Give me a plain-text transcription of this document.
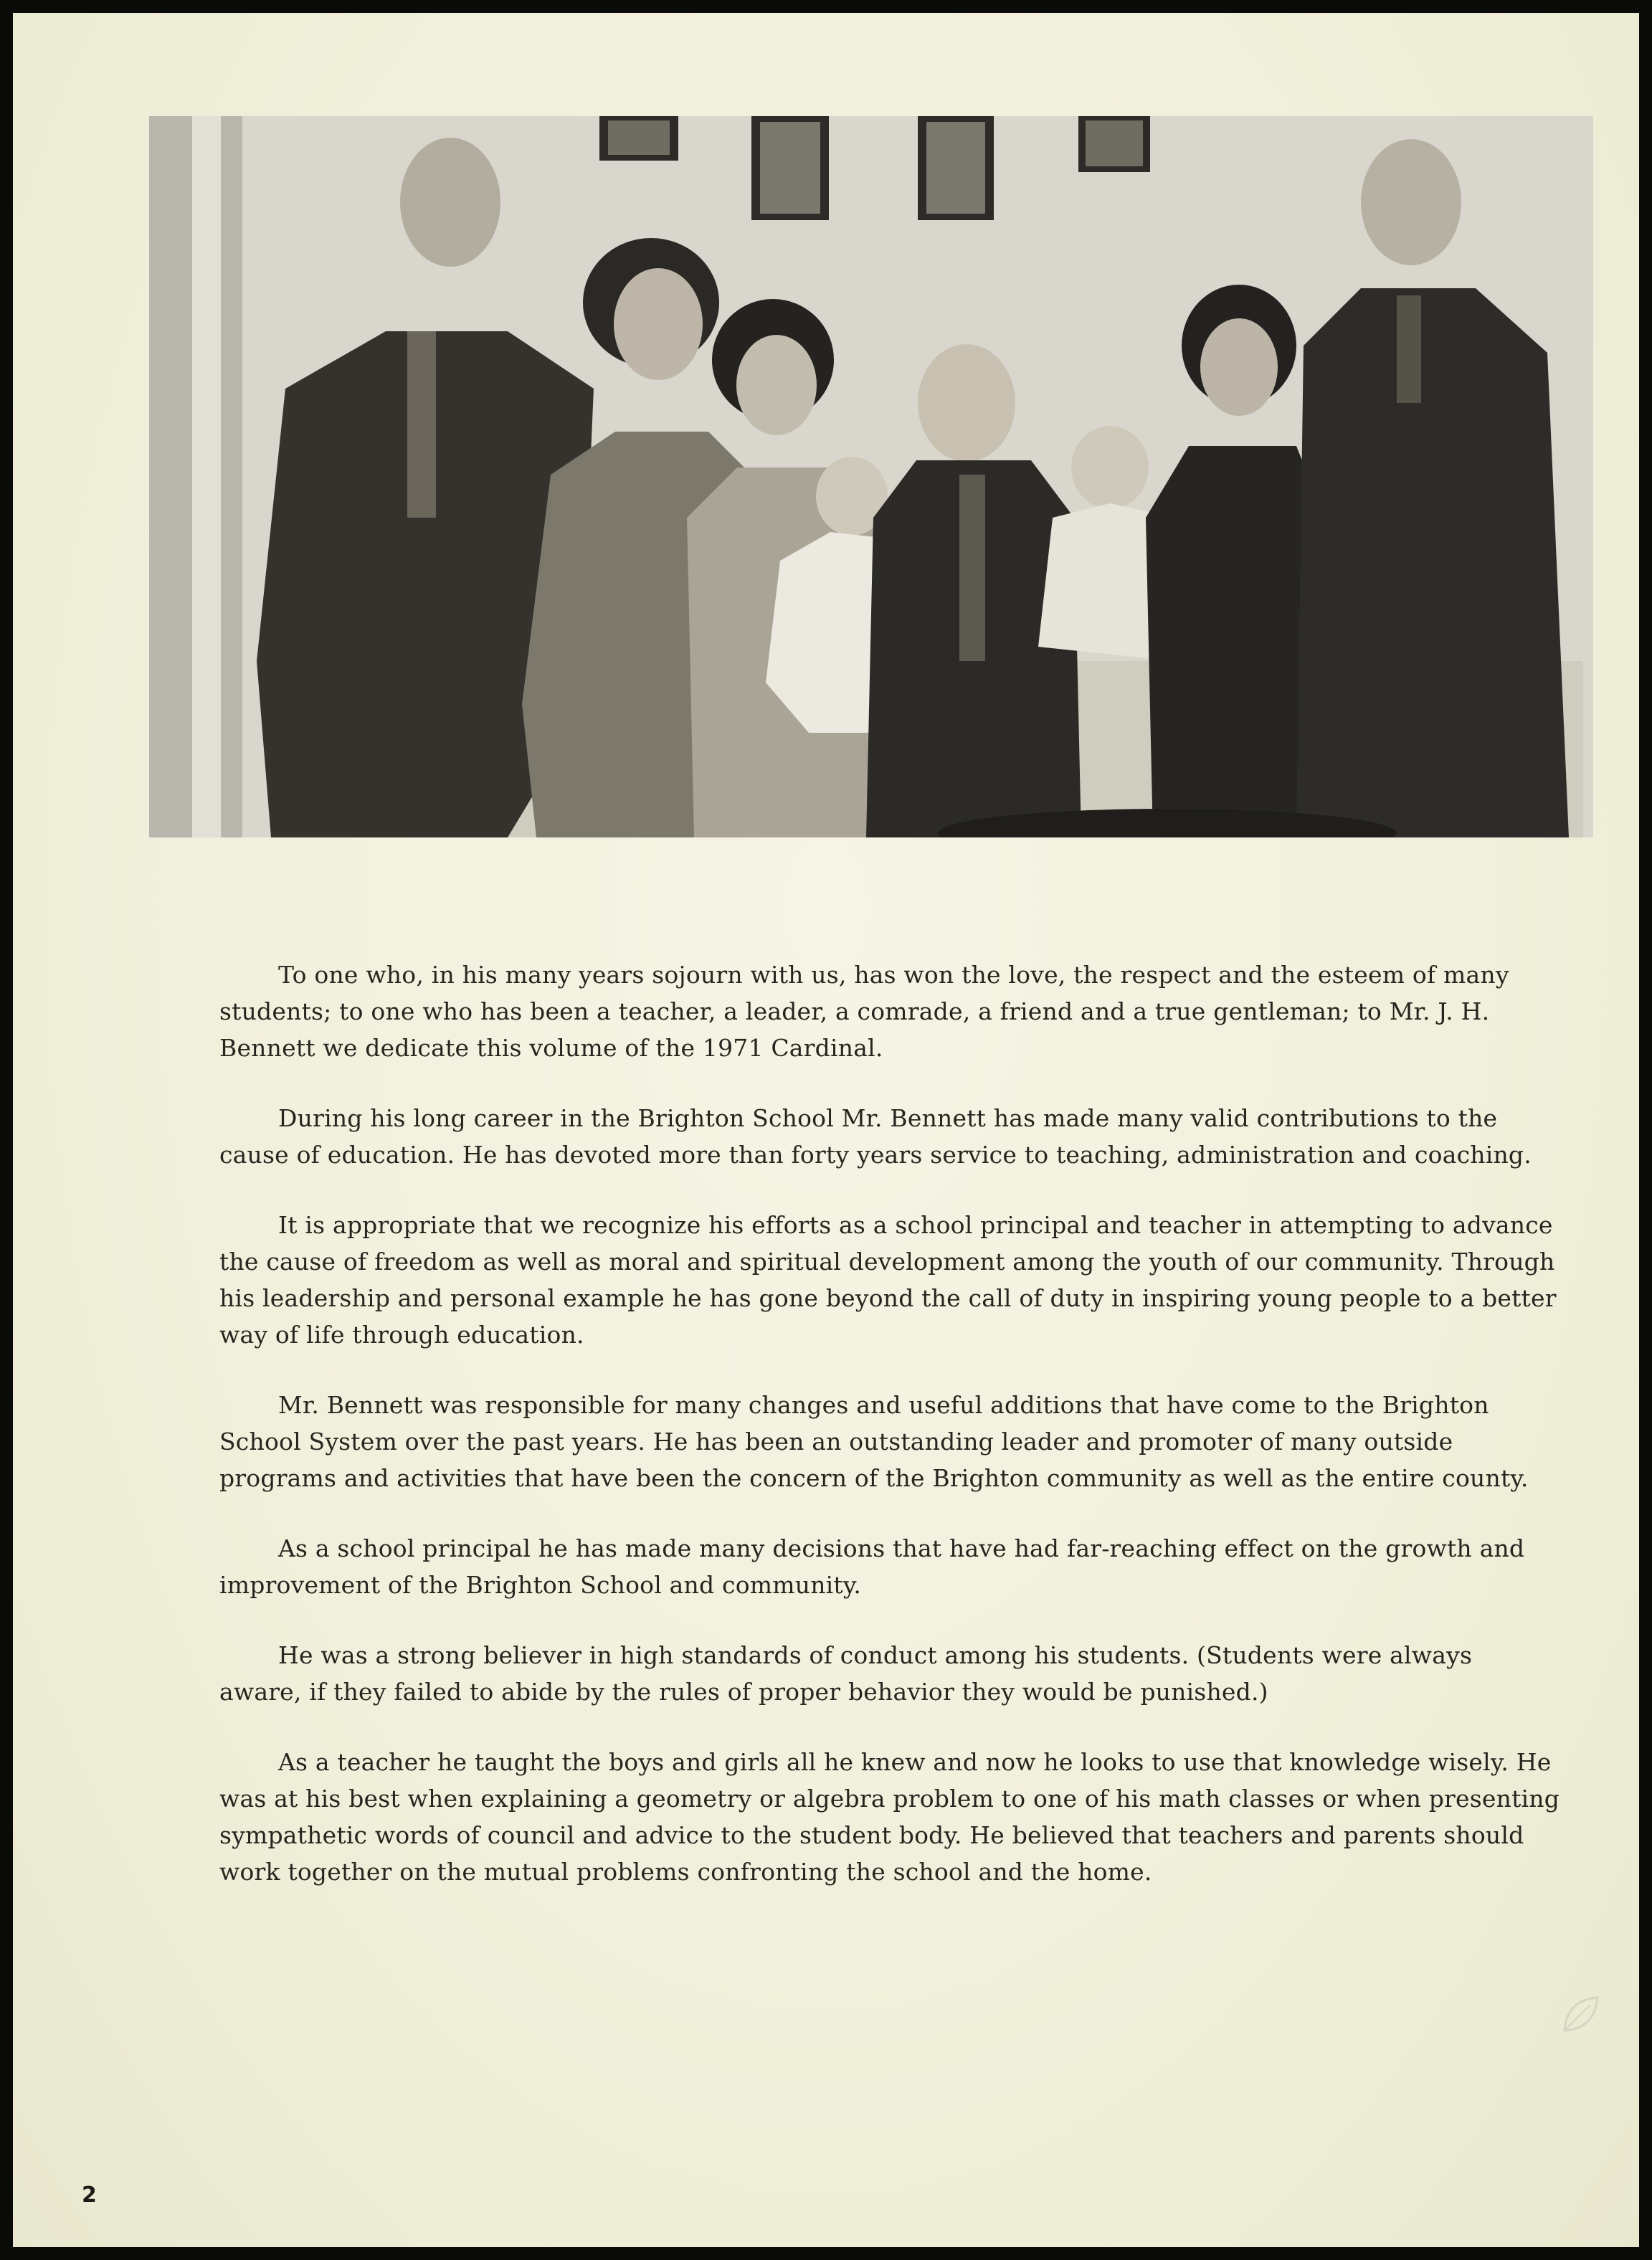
To one who, in his many years sojourn with us, has won the love, the respect and the esteem of many students; to one who has been a teacher, a leader, a comrade, a friend and a true gentleman; to Mr. J. H. Bennett we dedicate this volume of the 1971 Cardinal.

During his long career in the Brighton School Mr. Bennett has made many valid contributions to the cause of education. He has devoted more than forty years service to teaching, administration and coaching.

It is appropriate that we recognize his efforts as a school principal and teacher in attempting to advance the cause of freedom as well as moral and spiritual development among the youth of our community. Through his leadership and personal example he has gone beyond the call of duty in inspiring young people to a better way of life through education.

Mr. Bennett was responsible for many changes and useful additions that have come to the Brighton School System over the past years. He has been an outstanding leader and promoter of many outside programs and activities that have been the concern of the Brighton community as well as the entire county.

As a school principal he has made many decisions that have had far-reaching effect on the growth and improvement of the Brighton School and community.

He was a strong believer in high standards of conduct among his students. (Students were always aware, if they failed to abide by the rules of proper behavior they would be punished.)

As a teacher he taught the boys and girls all he knew and now he looks to use that knowledge wisely. He was at his best when explaining a geometry or algebra problem to one of his math classes or when presenting sympathetic words of council and advice to the student body. He believed that teachers and parents should work together on the mutual problems confronting the school and the home.

2
